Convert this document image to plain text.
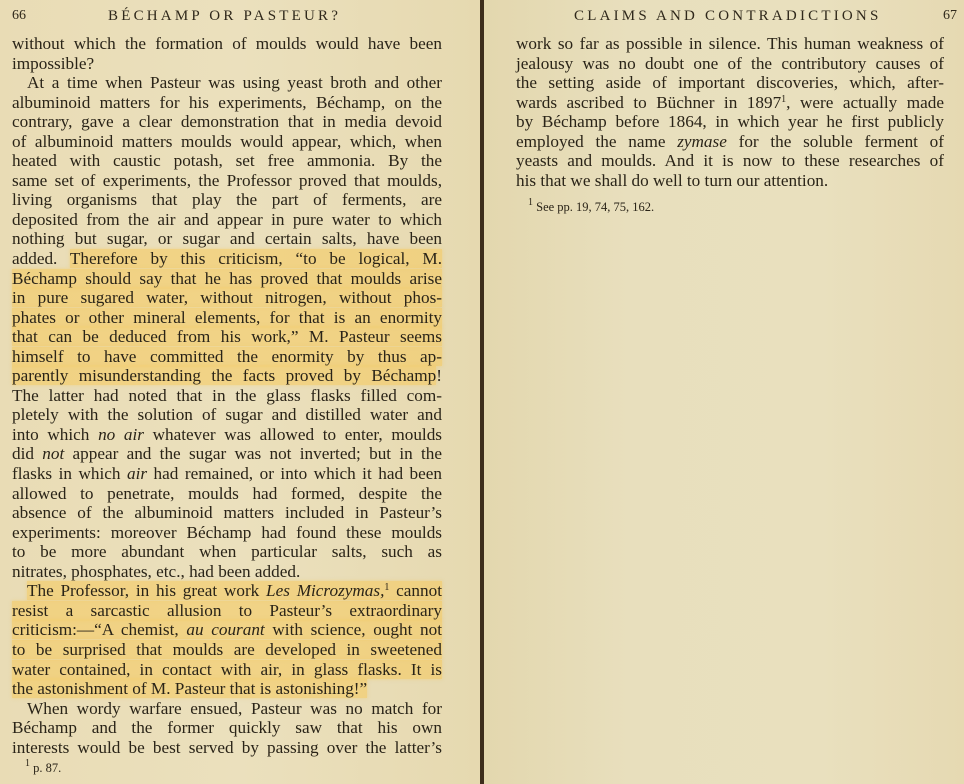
66	BÉCHAMP OR PASTEUR?
without which the formation of moulds would have been
impossible?
At a time when Pasteur was using yeast broth and other
albuminoid matters for his experiments, Béchamp, on the
contrary, gave a clear demonstration that in media devoid
of albuminoid matters moulds would appear, which, when
heated with caustic potash, set free ammonia. By the
same set of experiments, the Professor proved that moulds,
living organisms that play the part of ferments, are
deposited from the air and appear in pure water to which
nothing but sugar, or sugar and certain salts, have been
added. Therefore by this criticism, “to be logical, M.
Béchamp should say that he has proved that moulds arise
in pure sugared water, without nitrogen, without phos-
phates or other mineral elements, for that is an enormity
that can be deduced from his work,” M. Pasteur seems
himself to have committed the enormity by thus ap-
parently misunderstanding the facts proved by Béchamp!
The latter had noted that in the glass flasks filled com-
pletely with the solution of sugar and distilled water and
into which no air whatever was allowed to enter, moulds
did not appear and the sugar was not inverted; but in the
flasks in which air had remained, or into which it had been
allowed to penetrate, moulds had formed, despite the
absence of the albuminoid matters included in Pasteur’s
experiments: moreover Béchamp had found these moulds
to be more abundant when particular salts, such as
nitrates, phosphates, etc., had been added.
The Professor, in his great work Les Microzymas,$^1$ cannot
resist a sarcastic allusion to Pasteur’s extraordinary
criticism:—“A chemist, au courant with science, ought not
to be surprised that moulds are developed in sweetened
water contained, in contact with air, in glass flasks. It is
the astonishment of M. Pasteur that is astonishing!”
When wordy warfare ensued, Pasteur was no match for
Béchamp and the former quickly saw that his own
interests would be best served by passing over the latter’s
$^1$ p. 87.
CLAIMS AND CONTRADICTIONS	67
work so far as possible in silence. This human weakness of
jealousy was no doubt one of the contributory causes of
the setting aside of important discoveries, which, after-
wards ascribed to Büchner in 1897$^1$, were actually made
by Béchamp before 1864, in which year he first publicly
employed the name zymase for the soluble ferment of
yeasts and moulds. And it is now to these researches of
his that we shall do well to turn our attention.
$^1$ See pp. 19, 74, 75, 162.
